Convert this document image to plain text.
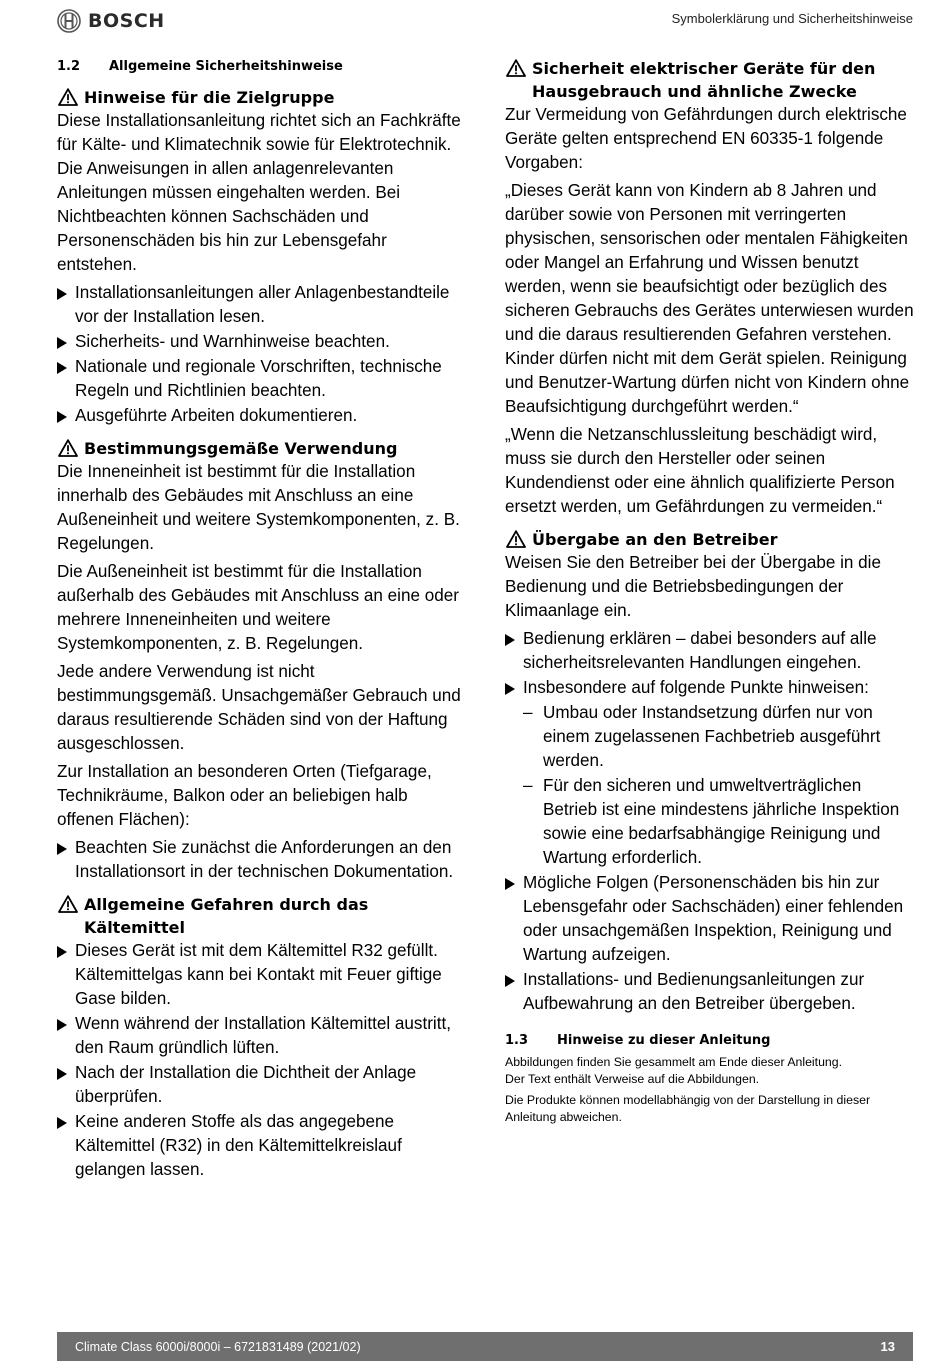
BOSCH	Symbolerklärung und Sicherheitshinweise
1.2	Allgemeine Sicherheitshinweise
Hinweise für die Zielgruppe

Diese Installationsanleitung richtet sich an Fachkräfte für Kälte- und Klimatechnik sowie für Elektrotechnik. Die Anweisungen in allen anlagenrelevanten Anleitungen müssen eingehalten werden. Bei Nichtbeachten können Sachschäden und Personenschäden bis hin zur Lebensgefahr entstehen.

Installationsanleitungen aller Anlagenbestandteile vor der Installation lesen.
Sicherheits- und Warnhinweise beachten.
Nationale und regionale Vorschriften, technische Regeln und Richtlinien beachten.
Ausgeführte Arbeiten dokumentieren.
Bestimmungsgemäße Verwendung

Die Inneneinheit ist bestimmt für die Installation innerhalb des Gebäudes mit Anschluss an eine Außeneinheit und weitere Systemkomponenten, z. B. Regelungen.

Die Außeneinheit ist bestimmt für die Installation außerhalb des Gebäudes mit Anschluss an eine oder mehrere Inneneinheiten und weitere Systemkomponenten, z. B. Regelungen.

Jede andere Verwendung ist nicht bestimmungsgemäß. Unsachgemäßer Gebrauch und daraus resultierende Schäden sind von der Haftung ausgeschlossen.

Zur Installation an besonderen Orten (Tiefgarage, Technikräume, Balkon oder an beliebigen halb offenen Flächen):

Beachten Sie zunächst die Anforderungen an den Installationsort in der technischen Dokumentation.
Allgemeine Gefahren durch das Kältemittel
Dieses Gerät ist mit dem Kältemittel R32 gefüllt. Kältemittelgas kann bei Kontakt mit Feuer giftige Gase bilden.
Wenn während der Installation Kältemittel austritt, den Raum gründlich lüften.
Nach der Installation die Dichtheit der Anlage überprüfen.
Keine anderen Stoffe als das angegebene Kältemittel (R32) in den Kältemittelkreislauf gelangen lassen.
Sicherheit elektrischer Geräte für den Hausgebrauch und ähnliche Zwecke

Zur Vermeidung von Gefährdungen durch elektrische Geräte gelten entsprechend EN 60335-1 folgende Vorgaben:

„Dieses Gerät kann von Kindern ab 8 Jahren und darüber sowie von Personen mit verringerten physischen, sensorischen oder mentalen Fähigkeiten oder Mangel an Erfahrung und Wissen benutzt werden, wenn sie beaufsichtigt oder bezüglich des sicheren Gebrauchs des Gerätes unterwiesen wurden und die daraus resultierenden Gefahren verstehen. Kinder dürfen nicht mit dem Gerät spielen. Reinigung und Benutzer-Wartung dürfen nicht von Kindern ohne Beaufsichtigung durchgeführt werden.“

„Wenn die Netzanschlussleitung beschädigt wird, muss sie durch den Hersteller oder seinen Kundendienst oder eine ähnlich qualifizierte Person ersetzt werden, um Gefährdungen zu vermeiden.“

Übergabe an den Betreiber

Weisen Sie den Betreiber bei der Übergabe in die Bedienung und die Betriebsbedingungen der Klimaanlage ein.

Bedienung erklären – dabei besonders auf alle sicherheitsrelevanten Handlungen eingehen.
Insbesondere auf folgende Punkte hinweisen:
– Umbau oder Instandsetzung dürfen nur von einem zugelassenen Fachbetrieb ausgeführt werden.
– Für den sicheren und umweltverträglichen Betrieb ist eine mindestens jährliche Inspektion sowie eine bedarfsabhängige Reinigung und Wartung erforderlich.
Mögliche Folgen (Personenschäden bis hin zur Lebensgefahr oder Sachschäden) einer fehlenden oder unsachgemäßen Inspektion, Reinigung und Wartung aufzeigen.
Installations- und Bedienungsanleitungen zur Aufbewahrung an den Betreiber übergeben.
1.3	Hinweise zu dieser Anleitung
Abbildungen finden Sie gesammelt am Ende dieser Anleitung.
Der Text enthält Verweise auf die Abbildungen.
Die Produkte können modellabhängig von der Darstellung in dieser Anleitung abweichen.
Climate Class 6000i/8000i – 6721831489 (2021/02)	13
